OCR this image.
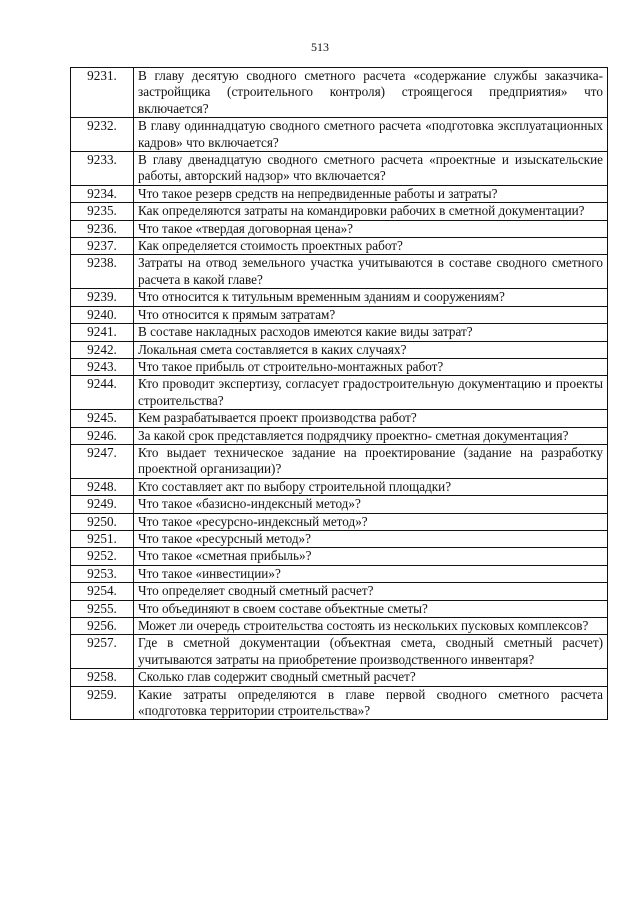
513
9231.	В главу десятую сводного сметного расчета «содержание службы заказчика-застройщика (строительного контроля) строящегося предприятия» что включается?
9232.	В главу одиннадцатую сводного сметного расчета «подготовка эксплуатационных кадров» что включается?
9233.	В главу двенадцатую сводного сметного расчета «проектные и изыскательские работы, авторский надзор» что включается?
9234.	Что такое резерв средств на непредвиденные работы и затраты?
9235.	Как определяются затраты на командировки рабочих в сметной документации?
9236.	Что такое «твердая договорная цена»?
9237.	Как определяется стоимость проектных работ?
9238.	Затраты на отвод земельного участка учитываются в составе сводного сметного расчета в какой главе?
9239.	Что относится к титульным временным зданиям и сооружениям?
9240.	Что относится к прямым затратам?
9241.	В составе накладных расходов имеются какие виды затрат?
9242.	Локальная смета составляется в каких случаях?
9243.	Что такое прибыль от строительно-монтажных работ?
9244.	Кто проводит экспертизу, согласует градостроительную документацию и проекты строительства?
9245.	Кем разрабатывается проект производства работ?
9246.	За какой срок представляется подрядчику проектно- сметная документация?
9247.	Кто выдает техническое задание на проектирование (задание на разработку проектной организации)?
9248.	Кто составляет акт по выбору строительной площадки?
9249.	Что такое «базисно-индексный метод»?
9250.	Что такое «ресурсно-индексный метод»?
9251.	Что такое «ресурсный метод»?
9252.	Что такое «сметная прибыль»?
9253.	Что такое «инвестиции»?
9254.	Что определяет сводный сметный расчет?
9255.	Что объединяют в своем составе объектные сметы?
9256.	Может ли очередь строительства состоять из нескольких пусковых комплексов?
9257.	Где в сметной документации (объектная смета, сводный сметный расчет) учитываются затраты на приобретение производственного инвентаря?
9258.	Сколько глав содержит сводный сметный расчет?
9259.	Какие затраты определяются в главе первой сводного сметного расчета «подготовка территории строительства»?
